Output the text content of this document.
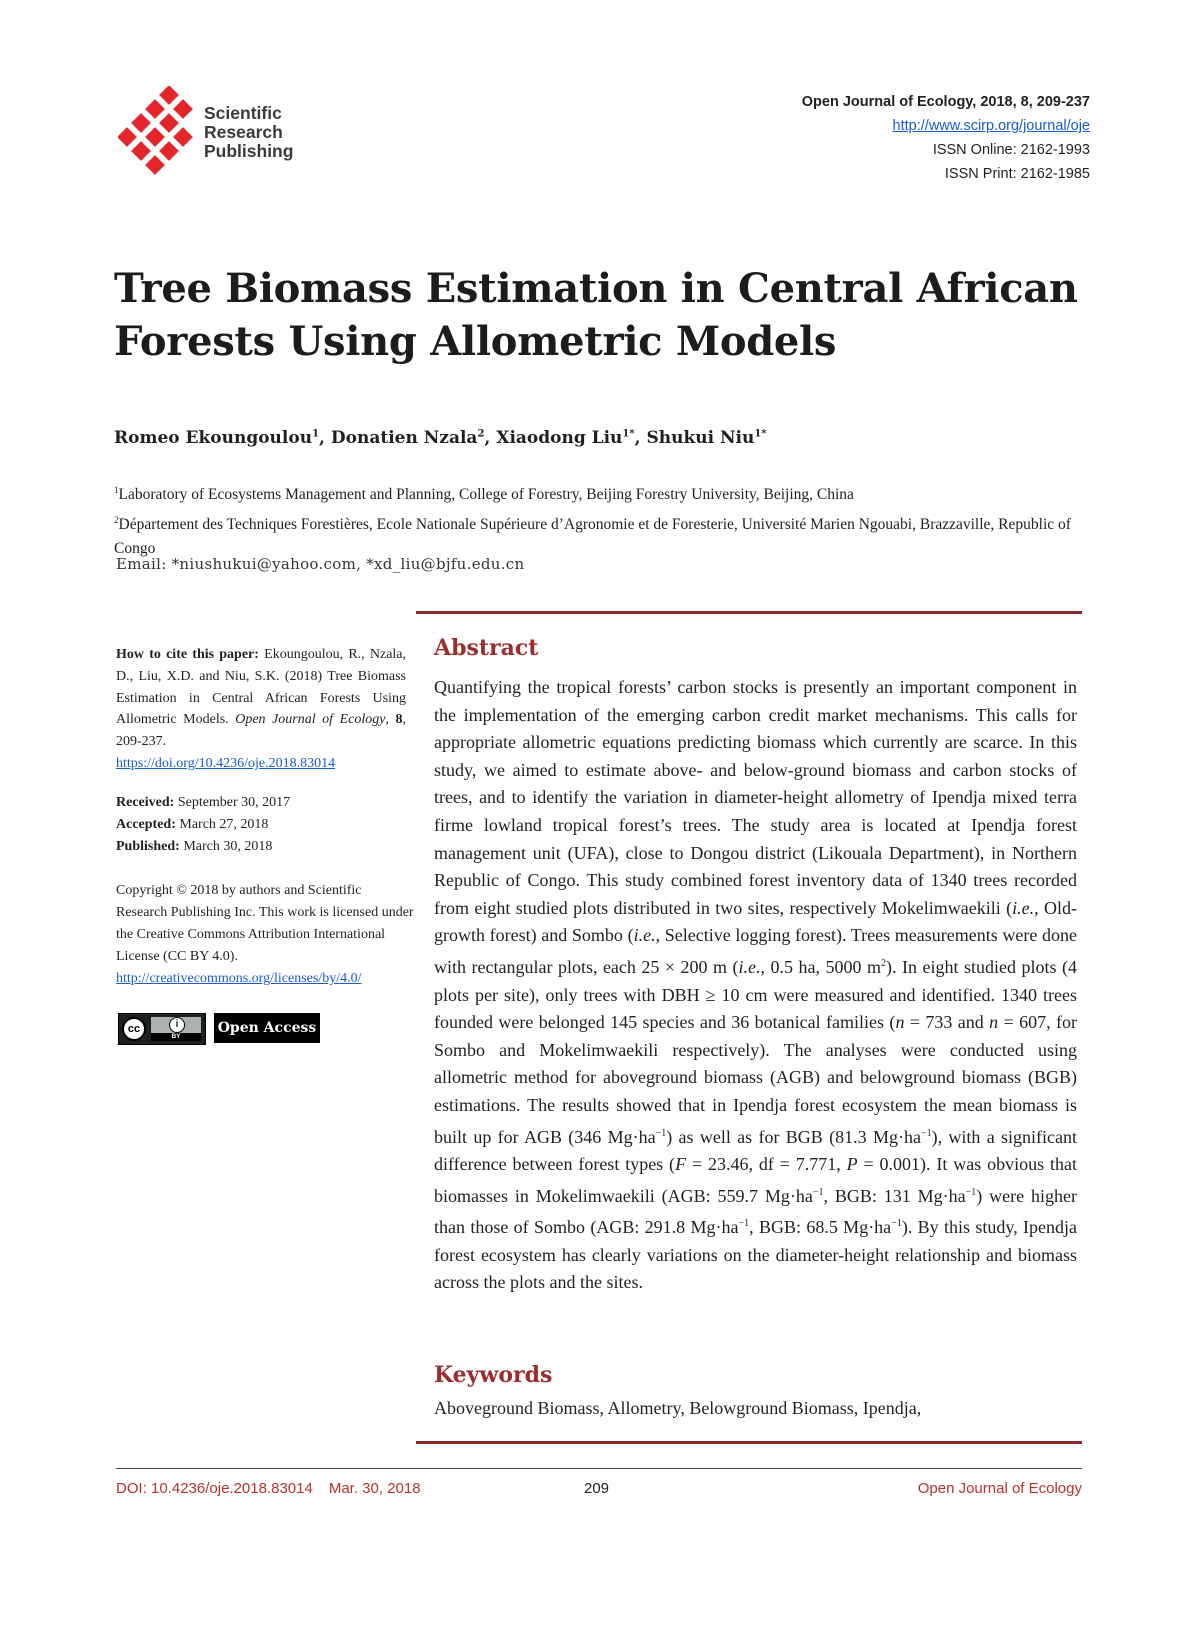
Scientific
Research
Publishing
Open Journal of Ecology, 2018, 8, 209-237
http://www.scirp.org/journal/oje
ISSN Online: 2162-1993
ISSN Print: 2162-1985
Tree Biomass Estimation in Central African
Forests Using Allometric Models
Romeo Ekoungoulou$^1$, Donatien Nzala$^2$, Xiaodong Liu$^{1*}$, Shukui Niu$^{1*}$
$^1$Laboratory of Ecosystems Management and Planning, College of Forestry, Beijing Forestry University, Beijing, China
$^2$Département des Techniques Forestières, Ecole Nationale Supérieure d’Agronomie et de Foresterie, Université Marien Ngouabi, Brazzaville, Republic of Congo
Email: *niushukui@yahoo.com, *xd_liu@bjfu.edu.cn
How to cite this paper: Ekoungoulou, R., Nzala, D., Liu, X.D. and Niu, S.K. (2018) Tree Biomass Estimation in Central African Forests Using Allometric Models. Open Journal of Ecology, 8, 209-237.
https://doi.org/10.4236/oje.2018.83014
Received: September 30, 2017
Accepted: March 27, 2018
Published: March 30, 2018
Copyright © 2018 by authors and Scientific Research Publishing Inc. This work is licensed under the Creative Commons Attribution International License (CC BY 4.0).
http://creativecommons.org/licenses/by/4.0/
cc	i
BY
Open Access
Abstract
Quantifying the tropical forests’ carbon stocks is presently an important component in the implementation of the emerging carbon credit market mechanisms. This calls for appropriate allometric equations predicting biomass which currently are scarce. In this study, we aimed to estimate above- and below-ground biomass and carbon stocks of trees, and to identify the variation in diameter-height allometry of Ipendja mixed terra firme lowland tropical forest’s trees. The study area is located at Ipendja forest management unit (UFA), close to Dongou district (Likouala Department), in Northern Republic of Congo. This study combined forest inventory data of 1340 trees recorded from eight studied plots distributed in two sites, respectively Mokelimwaekili (i.e., Old-growth forest) and Sombo (i.e., Selective logging forest). Trees measurements were done with rectangular plots, each 25 × 200 m (i.e., 0.5 ha, 5000 $m^2$). In eight studied plots (4 plots per site), only trees with DBH ≥ 10 cm were measured and identified. 1340 trees founded were belonged 145 species and 36 botanical families (n = 733 and n = 607, for Sombo and Mokelimwaekili respectively). The analyses were conducted using allometric method for aboveground biomass (AGB) and belowground biomass (BGB) estimations. The results showed that in Ipendja forest ecosystem the mean biomass is built up for AGB (346 $Mg\cdot ha^{-1}$) as well as for BGB (81.3 $Mg\cdot ha^{-1}$), with a significant difference between forest types (F = 23.46, df = 7.771, P = 0.001). It was obvious that biomasses in Mokelimwaekili (AGB: 559.7 $Mg\cdot ha^{-1}$, BGB: 131 $Mg\cdot ha^{-1}$) were higher than those of Sombo (AGB: 291.8 $Mg\cdot ha^{-1}$, BGB: 68.5 $Mg\cdot ha^{-1}$). By this study, Ipendja forest ecosystem has clearly variations on the diameter-height relationship and biomass across the plots and the sites.
Keywords
Aboveground Biomass, Allometry, Belowground Biomass, Ipendja,
DOI: 10.4236/oje.2018.83014 Mar. 30, 2018	209	Open Journal of Ecology
